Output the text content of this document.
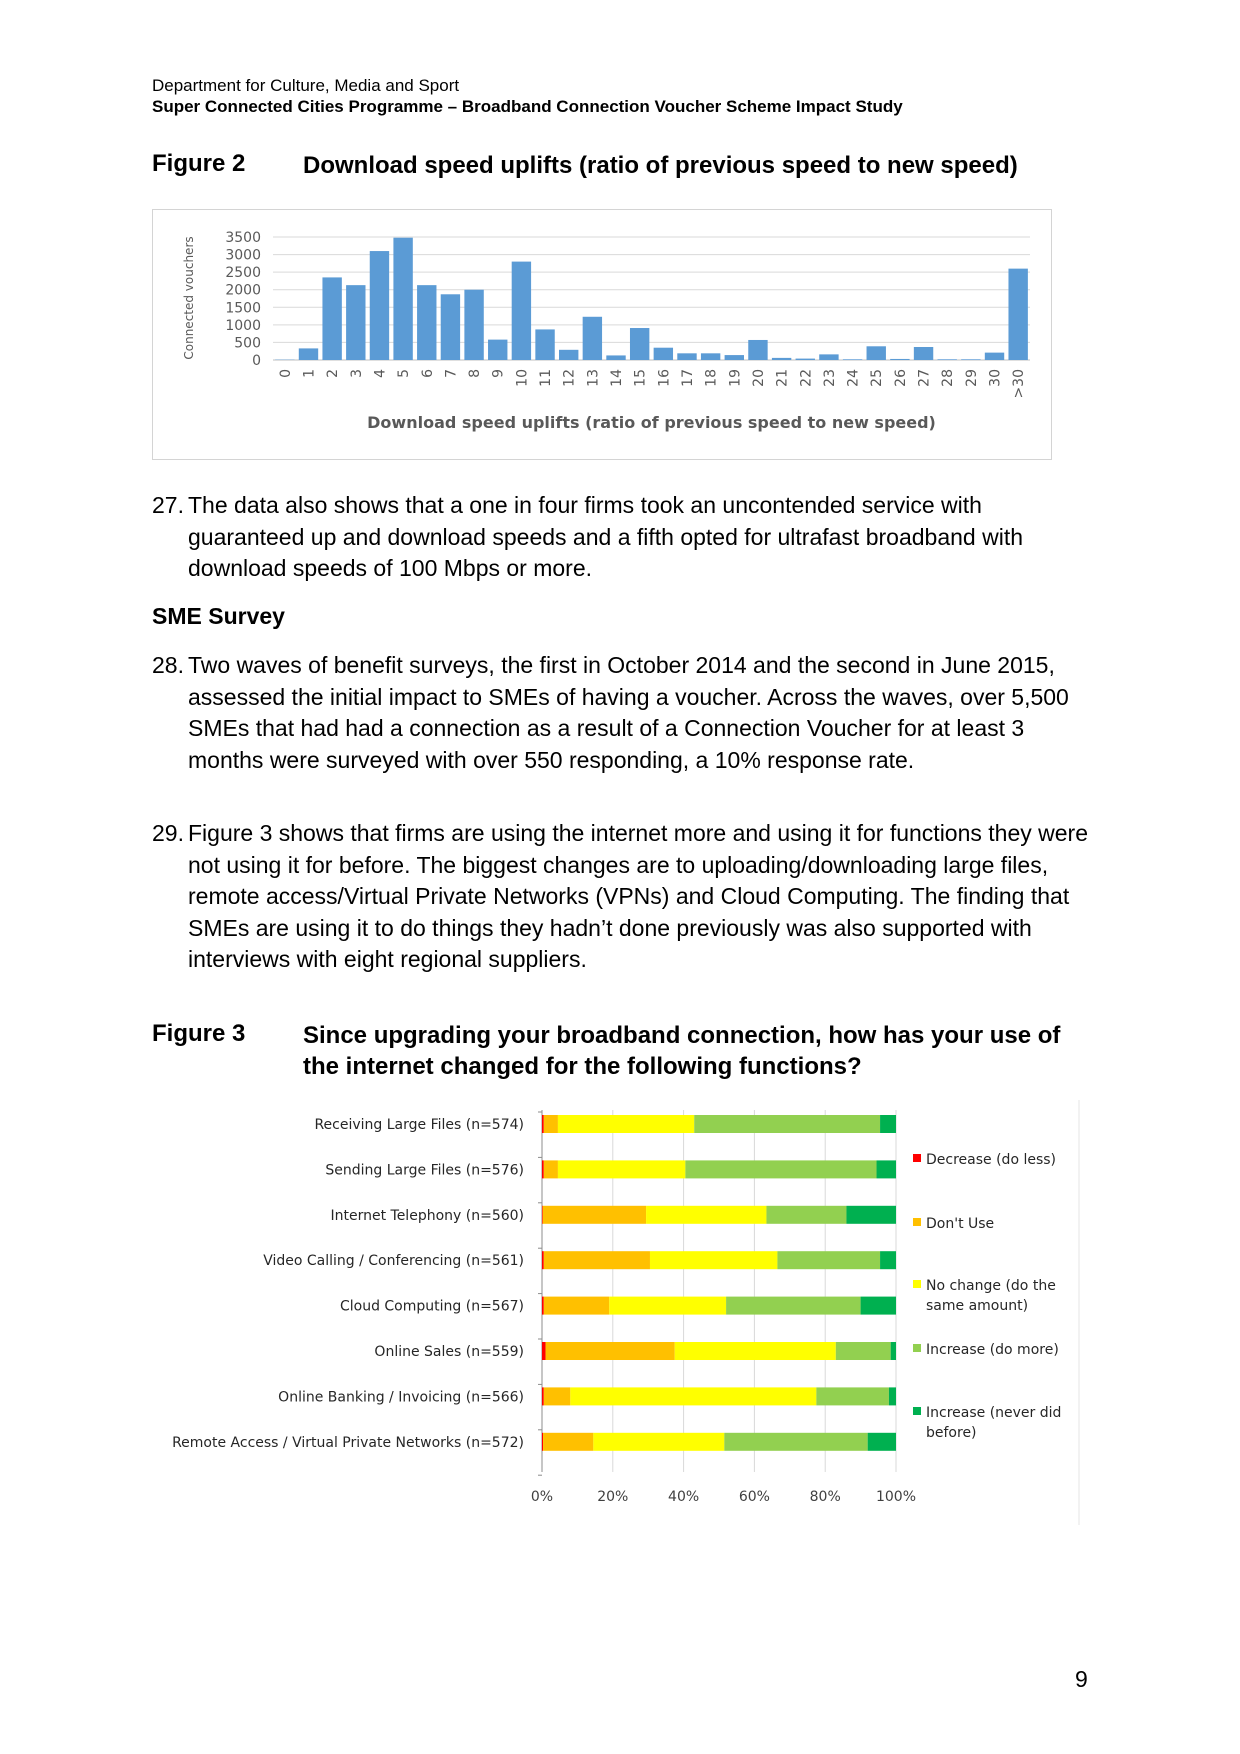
Department for Culture, Media and Sport
Super Connected Cities Programme – Broadband Connection Voucher Scheme Impact Study
Figure 2 Download speed uplifts (ratio of previous speed to new speed)
0
500
1000
1500
2000
2500
3000
3500
0 1 2 3 4 5 6 7 8 9 10 11 12 13 14 15 16 17 18 19 20 21 22 23 24 25 26 27 28 29 30 >30
Connected vouchers
Download speed uplifts (ratio of previous speed to new speed)
27. The data also shows that a one in four firms took an uncontended service with guaranteed up and download speeds and a fifth opted for ultrafast broadband with download speeds of 100 Mbps or more.
SME Survey
28. Two waves of benefit surveys, the first in October 2014 and the second in June 2015, assessed the initial impact to SMEs of having a voucher. Across the waves, over 5,500 SMEs that had had a connection as a result of a Connection Voucher for at least 3 months were surveyed with over 550 responding, a 10% response rate.
29. Figure 3 shows that firms are using the internet more and using it for functions they were not using it for before. The biggest changes are to uploading/downloading large files, remote access/Virtual Private Networks (VPNs) and Cloud Computing. The finding that SMEs are using it to do things they hadn’t done previously was also supported with interviews with eight regional suppliers.
Figure 3 Since upgrading your broadband connection, how has your use of the internet changed for the following functions?
0%	20%	40%	60%	80%	100%
Receiving Large Files (n=574)
Sending Large Files (n=576)
Internet Telephony (n=560)
Video Calling / Conferencing (n=561)
Cloud Computing (n=567)
Online Sales (n=559)
Online Banking / Invoicing (n=566)
Remote Access / Virtual Private Networks (n=572)
Decrease (do less)
Don't Use
No change (do the
same amount)
Increase (do more)
Increase (never did
before)
9
